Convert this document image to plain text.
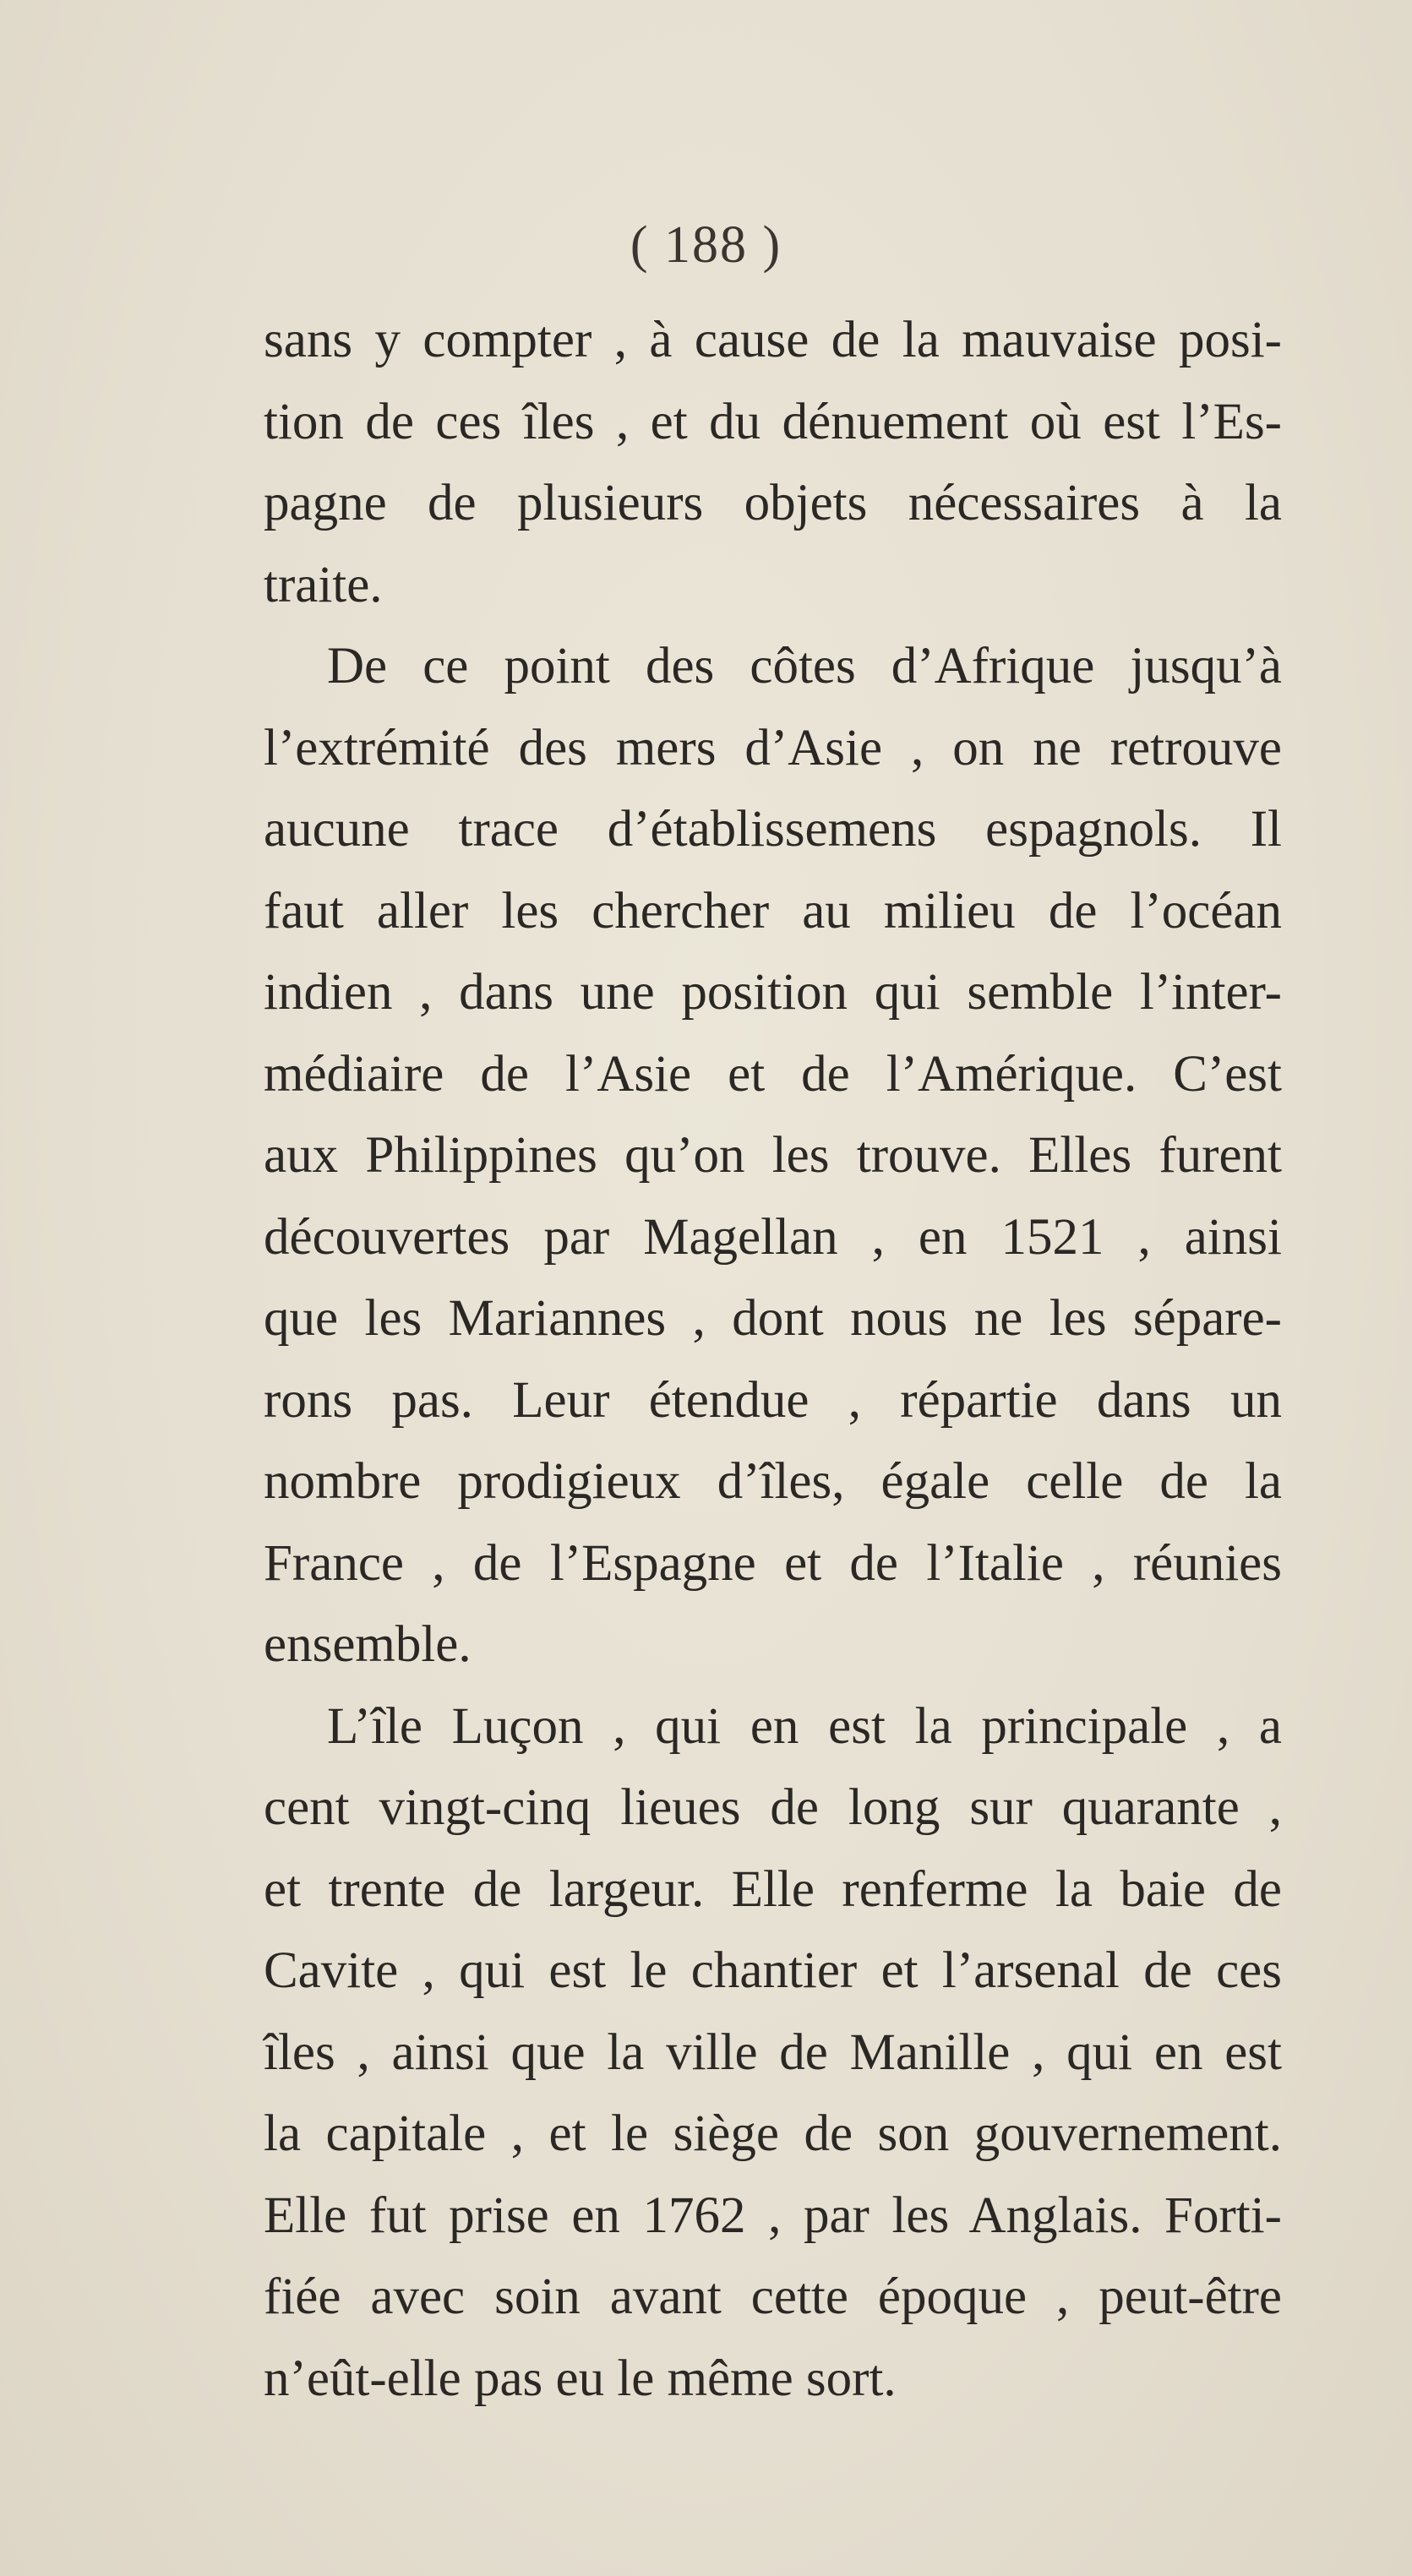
( 188 )

sans y compter , à cause de la mauvaise posi-
tion de ces îles , et du dénuement où est l’Es-
pagne de plusieurs objets nécessaires à la
traite.

De ce point des côtes d’Afrique jusqu’à
l’extrémité des mers d’Asie , on ne retrouve
aucune trace d’établissemens espagnols. Il
faut aller les chercher au milieu de l’océan
indien , dans une position qui semble l’inter-
médiaire de l’Asie et de l’Amérique. C’est
aux Philippines qu’on les trouve. Elles furent
découvertes par Magellan , en 1521 , ainsi
que les Mariannes , dont nous ne les sépare-
rons pas. Leur étendue , répartie dans un
nombre prodigieux d’îles, égale celle de la
France , de l’Espagne et de l’Italie , réunies
ensemble.

L’île Luçon , qui en est la principale , a
cent vingt-cinq lieues de long sur quarante ,
et trente de largeur. Elle renferme la baie de
Cavite , qui est le chantier et l’arsenal de ces
îles , ainsi que la ville de Manille , qui en est
la capitale , et le siège de son gouvernement.
Elle fut prise en 1762 , par les Anglais. Forti-
fiée avec soin avant cette époque , peut-être
n’eût-elle pas eu le même sort.
